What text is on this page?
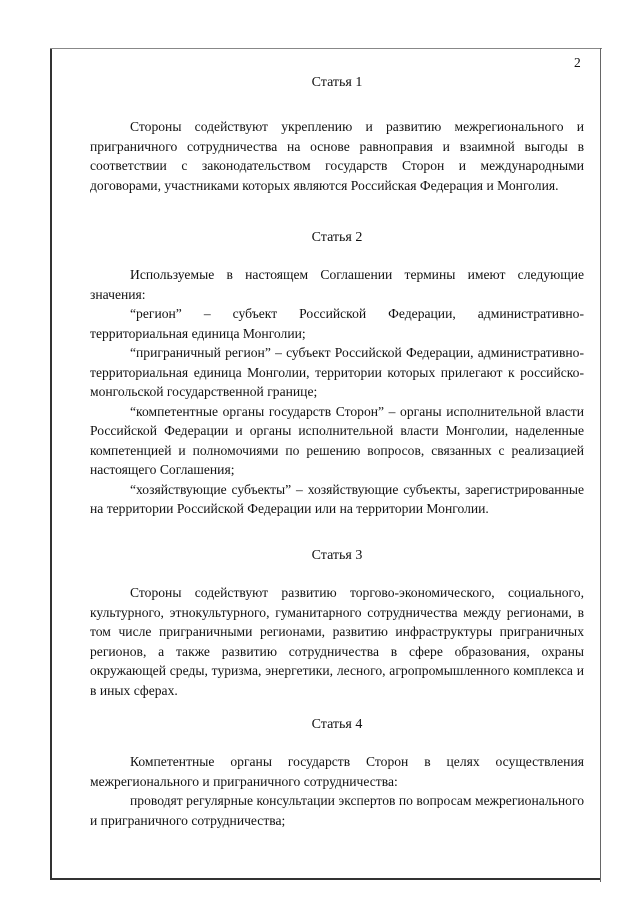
2

Статья 1

Стороны содействуют укреплению и развитию межрегионального и приграничного сотрудничества на основе равноправия и взаимной выгоды в соответствии с законодательством государств Сторон и международными договорами, участниками которых являются Российская Федерация и Монголия.

Статья 2

Используемые в настоящем Соглашении термины имеют следующие значения:

“регион” – субъект Российской Федерации, административно-территориальная единица Монголии;

“приграничный регион” – субъект Российской Федерации, административно-территориальная единица Монголии, территории которых прилегают к российско-монгольской государственной границе;

“компетентные органы государств Сторон” – органы исполнительной власти Российской Федерации и органы исполнительной власти Монголии, наделенные компетенцией и полномочиями по решению вопросов, связанных с реализацией настоящего Соглашения;

“хозяйствующие субъекты” – хозяйствующие субъекты, зарегистрированные на территории Российской Федерации или на территории Монголии.

Статья 3

Стороны содействуют развитию торгово-экономического, социального, культурного, этнокультурного, гуманитарного сотрудничества между регионами, в том числе приграничными регионами, развитию инфраструктуры приграничных регионов, а также развитию сотрудничества в сфере образования, охраны окружающей среды, туризма, энергетики, лесного, агропромышленного комплекса и в иных сферах.

Статья 4

Компетентные органы государств Сторон в целях осуществления межрегионального и приграничного сотрудничества:

проводят регулярные консультации экспертов по вопросам межрегионального и приграничного сотрудничества;
